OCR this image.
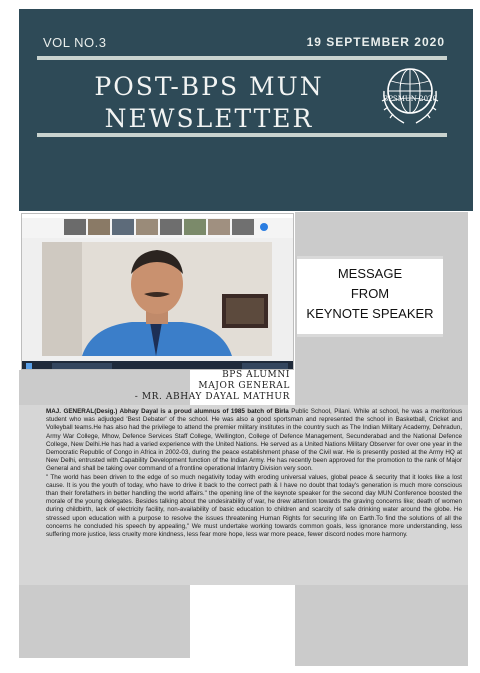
VOL NO.3	19 SEPTEMBER 2020
POST-BPS MUN
NEWSLETTER
BPSMUN 2020
MESSAGE
FROM
KEYNOTE SPEAKER
BPS ALUMNI
MAJOR GENERAL
- MR. ABHAY DAYAL MATHUR

MAJ. GENERAL(Desig.) Abhay Dayal is a proud alumnus of 1985 batch of Birla Public School, Pilani. While at school, he was a meritorious student who was adjudged 'Best Debater' of the school. He was also a good sportsman and represented the school in Basketball, Cricket and Volleyball teams.He has also had the privilege to attend the premier military institutes in the country such as The Indian Military Academy, Dehradun, Army War College, Mhow, Defence Services Staff College, Wellington, College of Defence Management, Secunderabad and the National Defence College, New Delhi.He has had a varied experience with the United Nations. He served as a United Nations Military Observer for over one year in the Democratic Republic of Congo in Africa in 2002-03, during the peace establishment phase of the Civil war. He is presently posted at the Army HQ at New Delhi, entrusted with Capability Development function of the Indian Army. He has recently been approved for the promotion to the rank of Major General and shall be taking over command of a frontline operational Infantry Division very soon.

" The world has been driven to the edge of so much negativity today with eroding universal values, global peace & security that it looks like a lost cause. It is you the youth of today, who have to drive it back to the correct path & I have no doubt that today's generation is much more conscious than their forefathers in better handling the world affairs." the opening line of the keynote speaker for the second day MUN Conference boosted the morale of the young delegates. Besides talking about the undesirability of war, he drew attention towards the graving concerns like; death of women during childbirth, lack of electricity facility, non-availability of basic education to children and scarcity of safe drinking water around the globe. He stressed upon education with a purpose to resolve the issues threatening Human Rights for securing life on Earth.To find the solutions of all the concerns he concluded his speech by appealing," We must undertake working towards common goals, less ignorance more understanding, less suffering more justice, less cruelty more kindness, less fear more hope, less war more peace, fewer discord nodes more harmony.
